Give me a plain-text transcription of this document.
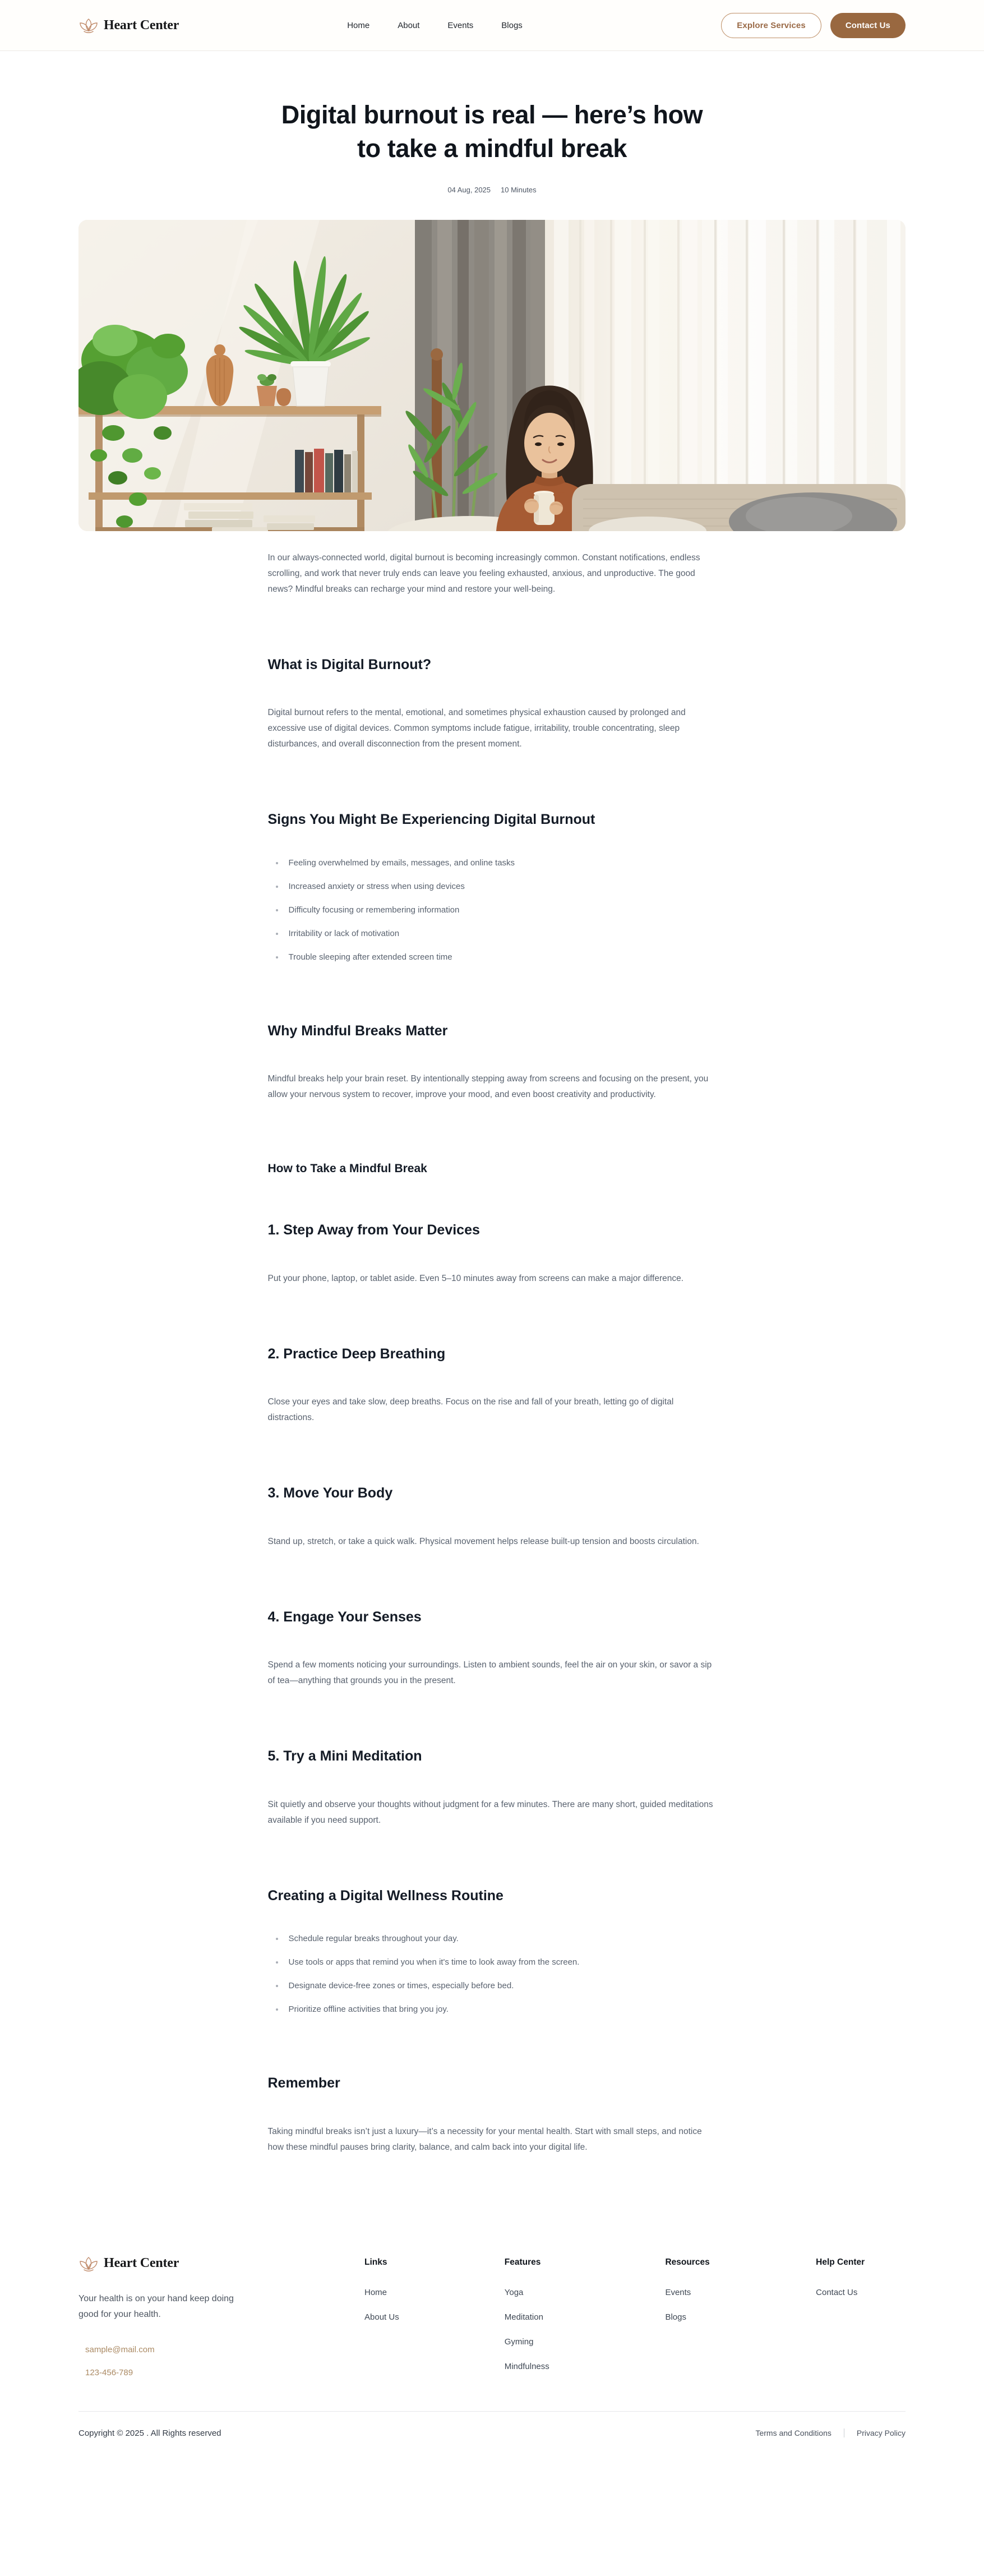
Heart Center	Home	About	Events	Blogs	Explore Services	Contact Us
Digital burnout is real — here’s how to take a mindful break
04 Aug, 2025 10 Minutes

In our always-connected world, digital burnout is becoming increasingly common. Constant notifications, endless scrolling, and work that never truly ends can leave you feeling exhausted, anxious, and unproductive. The good news? Mindful breaks can recharge your mind and restore your well-being.

What is Digital Burnout?

Digital burnout refers to the mental, emotional, and sometimes physical exhaustion caused by prolonged and excessive use of digital devices. Common symptoms include fatigue, irritability, trouble concentrating, sleep disturbances, and overall disconnection from the present moment.

Signs You Might Be Experiencing Digital Burnout
Feeling overwhelmed by emails, messages, and online tasks
Increased anxiety or stress when using devices
Difficulty focusing or remembering information
Irritability or lack of motivation
Trouble sleeping after extended screen time
Why Mindful Breaks Matter

Mindful breaks help your brain reset. By intentionally stepping away from screens and focusing on the present, you allow your nervous system to recover, improve your mood, and even boost creativity and productivity.

How to Take a Mindful Break
1. Step Away from Your Devices

Put your phone, laptop, or tablet aside. Even 5–10 minutes away from screens can make a major difference.

2. Practice Deep Breathing

Close your eyes and take slow, deep breaths. Focus on the rise and fall of your breath, letting go of digital distractions.

3. Move Your Body

Stand up, stretch, or take a quick walk. Physical movement helps release built-up tension and boosts circulation.

4. Engage Your Senses

Spend a few moments noticing your surroundings. Listen to ambient sounds, feel the air on your skin, or savor a sip of tea—anything that grounds you in the present.

5. Try a Mini Meditation

Sit quietly and observe your thoughts without judgment for a few minutes. There are many short, guided meditations available if you need support.

Creating a Digital Wellness Routine
Schedule regular breaks throughout your day.
Use tools or apps that remind you when it's time to look away from the screen.
Designate device-free zones or times, especially before bed.
Prioritize offline activities that bring you joy.
Remember

Taking mindful breaks isn’t just a luxury—it’s a necessity for your mental health. Start with small steps, and notice how these mindful pauses bring clarity, balance, and calm back into your digital life.

Heart Center
Your health is on your hand keep doing good for your health.
sample@mail.com
123-456-789
Links
Home
About Us
Features
Yoga
Meditation
Gyming
Mindfulness
Resources
Events
Blogs
Help Center
Contact Us
Copyright © 2025 . All Rights reserved	Terms and Conditions	Privacy Policy
